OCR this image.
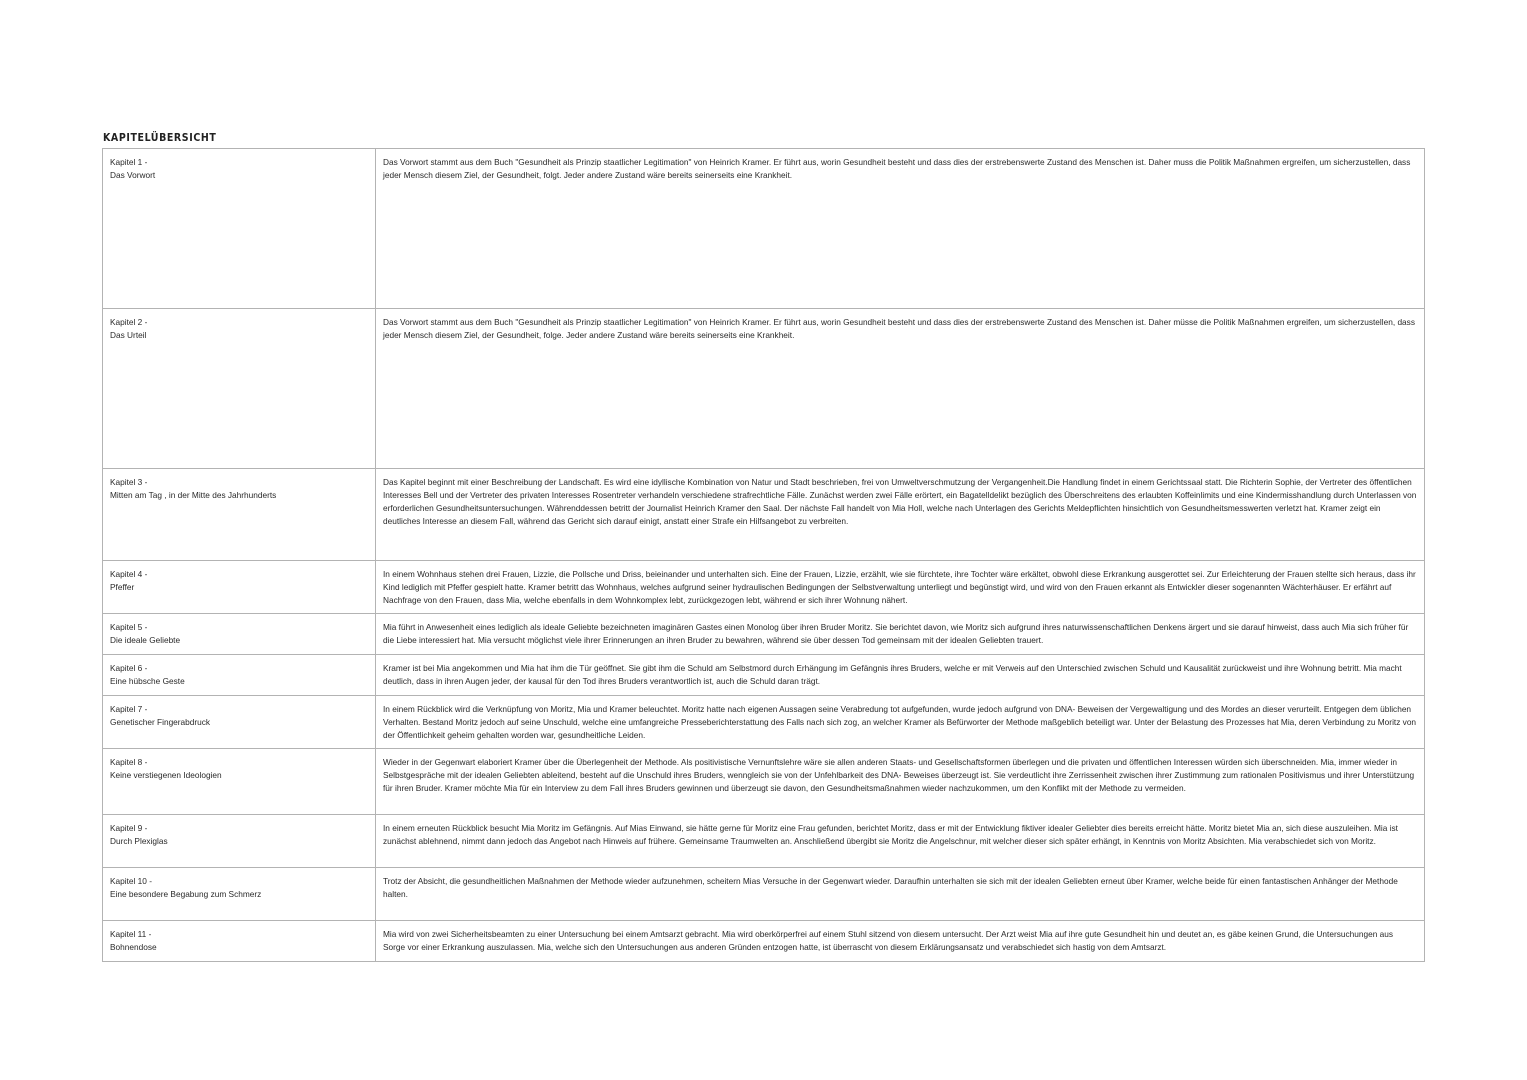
KAPITELÜBERSICHT
Kapitel 1 -
Das Vorwort	Das Vorwort stammt aus dem Buch "Gesundheit als Prinzip staatlicher Legitimation" von Heinrich Kramer. Er führt aus, worin Gesundheit besteht und dass dies der erstrebenswerte Zustand des Menschen ist. Daher muss die Politik Maßnahmen ergreifen, um sicherzustellen, dass jeder Mensch diesem Ziel, der Gesundheit, folgt. Jeder andere Zustand wäre bereits seinerseits eine Krankheit.

Kapitel 2 -
Das Urteil	Das Vorwort stammt aus dem Buch "Gesundheit als Prinzip staatlicher Legitimation" von Heinrich Kramer. Er führt aus, worin Gesundheit besteht und dass dies der erstrebenswerte Zustand des Menschen ist. Daher müsse die Politik Maßnahmen ergreifen, um sicherzustellen, dass jeder Mensch diesem Ziel, der Gesundheit, folge. Jeder andere Zustand wäre bereits seinerseits eine Krankheit.

Kapitel 3 -
Mitten am Tag , in der Mitte des Jahrhunderts	Das Kapitel beginnt mit einer Beschreibung der Landschaft. Es wird eine idyllische Kombination von Natur und Stadt beschrieben, frei von Umweltverschmutzung der Vergangenheit.Die Handlung findet in einem Gerichtssaal statt. Die Richterin Sophie, der Vertreter des öffentlichen Interesses Bell und der Vertreter des privaten Interesses Rosentreter verhandeln verschiedene strafrechtliche Fälle. Zunächst werden zwei Fälle erörtert, ein Bagatelldelikt bezüglich des Überschreitens des erlaubten Koffeinlimits und eine Kindermisshandlung durch Unterlassen von erforderlichen Gesundheitsuntersuchungen. Währenddessen betritt der Journalist Heinrich Kramer den Saal. Der nächste Fall handelt von Mia Holl, welche nach Unterlagen des Gerichts Meldepflichten hinsichtlich von Gesundheitsmesswerten verletzt hat. Kramer zeigt ein deutliches Interesse an diesem Fall, während das Gericht sich darauf einigt, anstatt einer Strafe ein Hilfsangebot zu verbreiten.

Kapitel 4 -
Pfeffer	In einem Wohnhaus stehen drei Frauen, Lizzie, die Pollsche und Driss, beieinander und unterhalten sich. Eine der Frauen, Lizzie, erzählt, wie sie fürchtete, ihre Tochter wäre erkältet, obwohl diese Erkrankung ausgerottet sei. Zur Erleichterung der Frauen stellte sich heraus, dass ihr Kind lediglich mit Pfeffer gespielt hatte. Kramer betritt das Wohnhaus, welches aufgrund seiner hydraulischen Bedingungen der Selbstverwaltung unterliegt und begünstigt wird, und wird von den Frauen erkannt als Entwickler dieser sogenannten Wächterhäuser. Er erfährt auf Nachfrage von den Frauen, dass Mia, welche ebenfalls in dem Wohnkomplex lebt, zurückgezogen lebt, während er sich ihrer Wohnung nähert.

Kapitel 5 -
Die ideale Geliebte	Mia führt in Anwesenheit eines lediglich als ideale Geliebte bezeichneten imaginären Gastes einen Monolog über ihren Bruder Moritz. Sie berichtet davon, wie Moritz sich aufgrund ihres naturwissenschaftlichen Denkens ärgert und sie darauf hinweist, dass auch Mia sich früher für die Liebe interessiert hat. Mia versucht möglichst viele ihrer Erinnerungen an ihren Bruder zu bewahren, während sie über dessen Tod gemeinsam mit der idealen Geliebten trauert.

Kapitel 6 -
Eine hübsche Geste	Kramer ist bei Mia angekommen und Mia hat ihm die Tür geöffnet. Sie gibt ihm die Schuld am Selbstmord durch Erhängung im Gefängnis ihres Bruders, welche er mit Verweis auf den Unterschied zwischen Schuld und Kausalität zurückweist und ihre Wohnung betritt. Mia macht deutlich, dass in ihren Augen jeder, der kausal für den Tod ihres Bruders verantwortlich ist, auch die Schuld daran trägt.

Kapitel 7 -
Genetischer Fingerabdruck	In einem Rückblick wird die Verknüpfung von Moritz, Mia und Kramer beleuchtet. Moritz hatte nach eigenen Aussagen seine Verabredung tot aufgefunden, wurde jedoch aufgrund von DNA- Beweisen der Vergewaltigung und des Mordes an dieser verurteilt. Entgegen dem üblichen Verhalten. Bestand Moritz jedoch auf seine Unschuld, welche eine umfangreiche Presseberichterstattung des Falls nach sich zog, an welcher Kramer als Befürworter der Methode maßgeblich beteiligt war. Unter der Belastung des Prozesses hat Mia, deren Verbindung zu Moritz von der Öffentlichkeit geheim gehalten worden war, gesundheitliche Leiden.

Kapitel 8 -
Keine verstiegenen Ideologien	Wieder in der Gegenwart elaboriert Kramer über die Überlegenheit der Methode. Als positivistische Vernunftslehre wäre sie allen anderen Staats- und Gesellschaftsformen überlegen und die privaten und öffentlichen Interessen würden sich überschneiden. Mia, immer wieder in Selbstgespräche mit der idealen Geliebten ableitend, besteht auf die Unschuld ihres Bruders, wenngleich sie von der Unfehlbarkeit des DNA- Beweises überzeugt ist. Sie verdeutlicht ihre Zerrissenheit zwischen ihrer Zustimmung zum rationalen Positivismus und ihrer Unterstützung für ihren Bruder. Kramer möchte Mia für ein Interview zu dem Fall ihres Bruders gewinnen und überzeugt sie davon, den Gesundheitsmaßnahmen wieder nachzukommen, um den Konflikt mit der Methode zu vermeiden.

Kapitel 9 -
Durch Plexiglas	In einem erneuten Rückblick besucht Mia Moritz im Gefängnis. Auf Mias Einwand, sie hätte gerne für Moritz eine Frau gefunden, berichtet Moritz, dass er mit der Entwicklung fiktiver idealer Geliebter dies bereits erreicht hätte. Moritz bietet Mia an, sich diese auszuleihen. Mia ist zunächst ablehnend, nimmt dann jedoch das Angebot nach Hinweis auf frühere. Gemeinsame Traumwelten an. Anschließend übergibt sie Moritz die Angelschnur, mit welcher dieser sich später erhängt, in Kenntnis von Moritz Absichten. Mia verabschiedet sich von Moritz.

Kapitel 10 -
Eine besondere Begabung zum Schmerz	Trotz der Absicht, die gesundheitlichen Maßnahmen der Methode wieder aufzunehmen, scheitern Mias Versuche in der Gegenwart wieder. Daraufhin unterhalten sie sich mit der idealen Geliebten erneut über Kramer, welche beide für einen fantastischen Anhänger der Methode halten.

Kapitel 11 -
Bohnendose	Mia wird von zwei Sicherheitsbeamten zu einer Untersuchung bei einem Amtsarzt gebracht. Mia wird oberkörperfrei auf einem Stuhl sitzend von diesem untersucht. Der Arzt weist Mia auf ihre gute Gesundheit hin und deutet an, es gäbe keinen Grund, die Untersuchungen aus Sorge vor einer Erkrankung auszulassen. Mia, welche sich den Untersuchungen aus anderen Gründen entzogen hatte, ist überrascht von diesem Erklärungsansatz und verabschiedet sich hastig von dem Amtsarzt.
